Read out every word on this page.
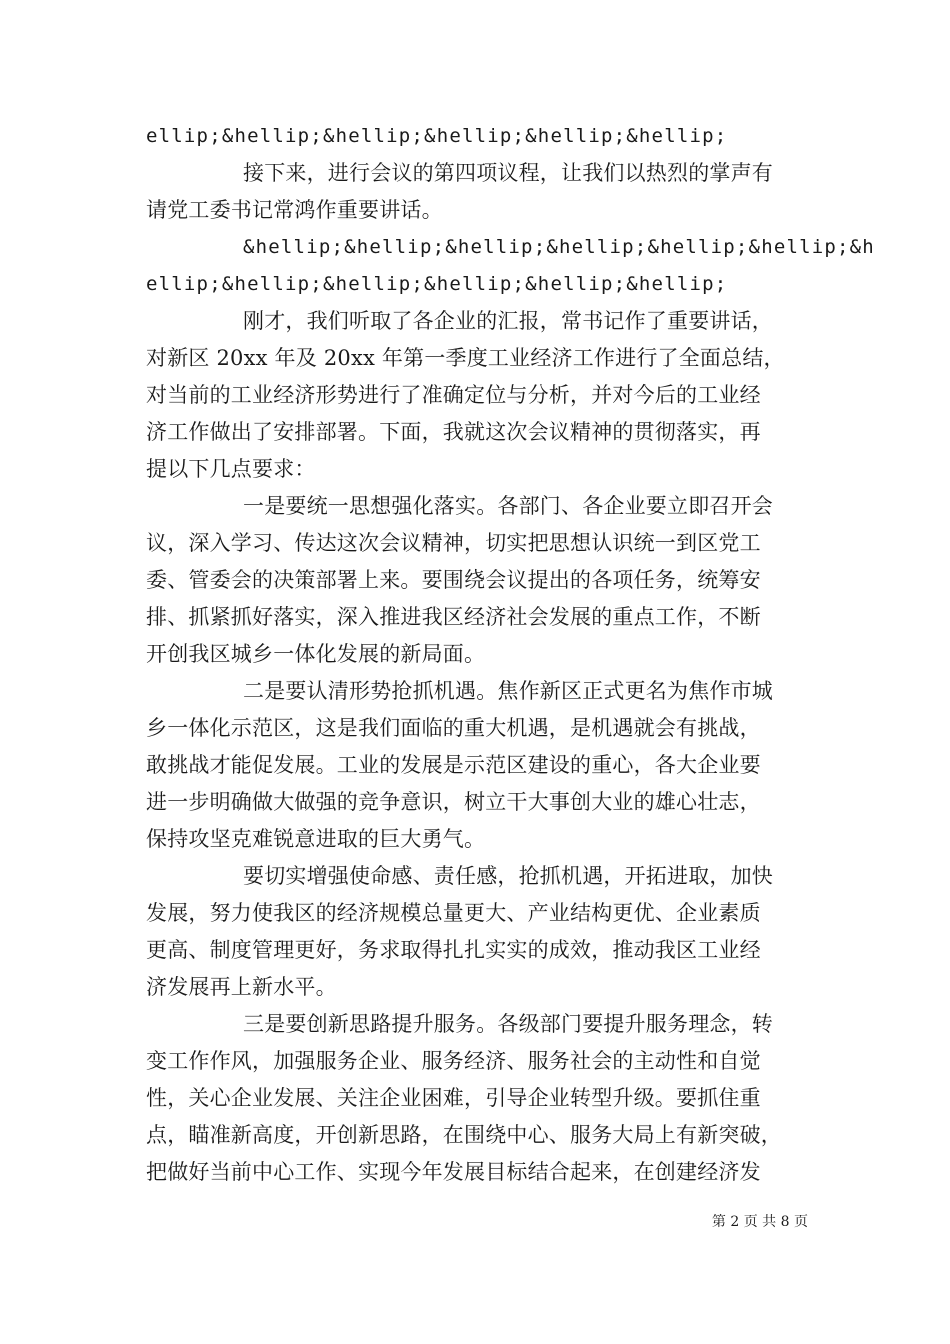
ellip;&hellip;&hellip;&hellip;&hellip;&hellip;
接下来，进行会议的第四项议程，让我们以热烈的掌声有
请党工委书记常鸿作重要讲话。
&hellip;&hellip;&hellip;&hellip;&hellip;&hellip;&h
ellip;&hellip;&hellip;&hellip;&hellip;&hellip;
刚才，我们听取了各企业的汇报，常书记作了重要讲话，
对新区 20xx 年及 20xx 年第一季度工业经济工作进行了全面总结，
对当前的工业经济形势进行了准确定位与分析，并对今后的工业经
济工作做出了安排部署。下面，我就这次会议精神的贯彻落实，再
提以下几点要求：
一是要统一思想强化落实。各部门、各企业要立即召开会
议，深入学习、传达这次会议精神，切实把思想认识统一到区党工
委、管委会的决策部署上来。要围绕会议提出的各项任务，统筹安
排、抓紧抓好落实，深入推进我区经济社会发展的重点工作，不断
开创我区城乡一体化发展的新局面。
二是要认清形势抢抓机遇。焦作新区正式更名为焦作市城
乡一体化示范区，这是我们面临的重大机遇，是机遇就会有挑战，
敢挑战才能促发展。工业的发展是示范区建设的重心，各大企业要
进一步明确做大做强的竞争意识，树立干大事创大业的雄心壮志，
保持攻坚克难锐意进取的巨大勇气。
要切实增强使命感、责任感，抢抓机遇，开拓进取，加快
发展，努力使我区的经济规模总量更大、产业结构更优、企业素质
更高、制度管理更好，务求取得扎扎实实的成效，推动我区工业经
济发展再上新水平。
三是要创新思路提升服务。各级部门要提升服务理念，转
变工作作风，加强服务企业、服务经济、服务社会的主动性和自觉
性，关心企业发展、关注企业困难，引导企业转型升级。要抓住重
点，瞄准新高度，开创新思路，在围绕中心、服务大局上有新突破，
把做好当前中心工作、实现今年发展目标结合起来，在创建经济发
第 2 页 共 8 页
